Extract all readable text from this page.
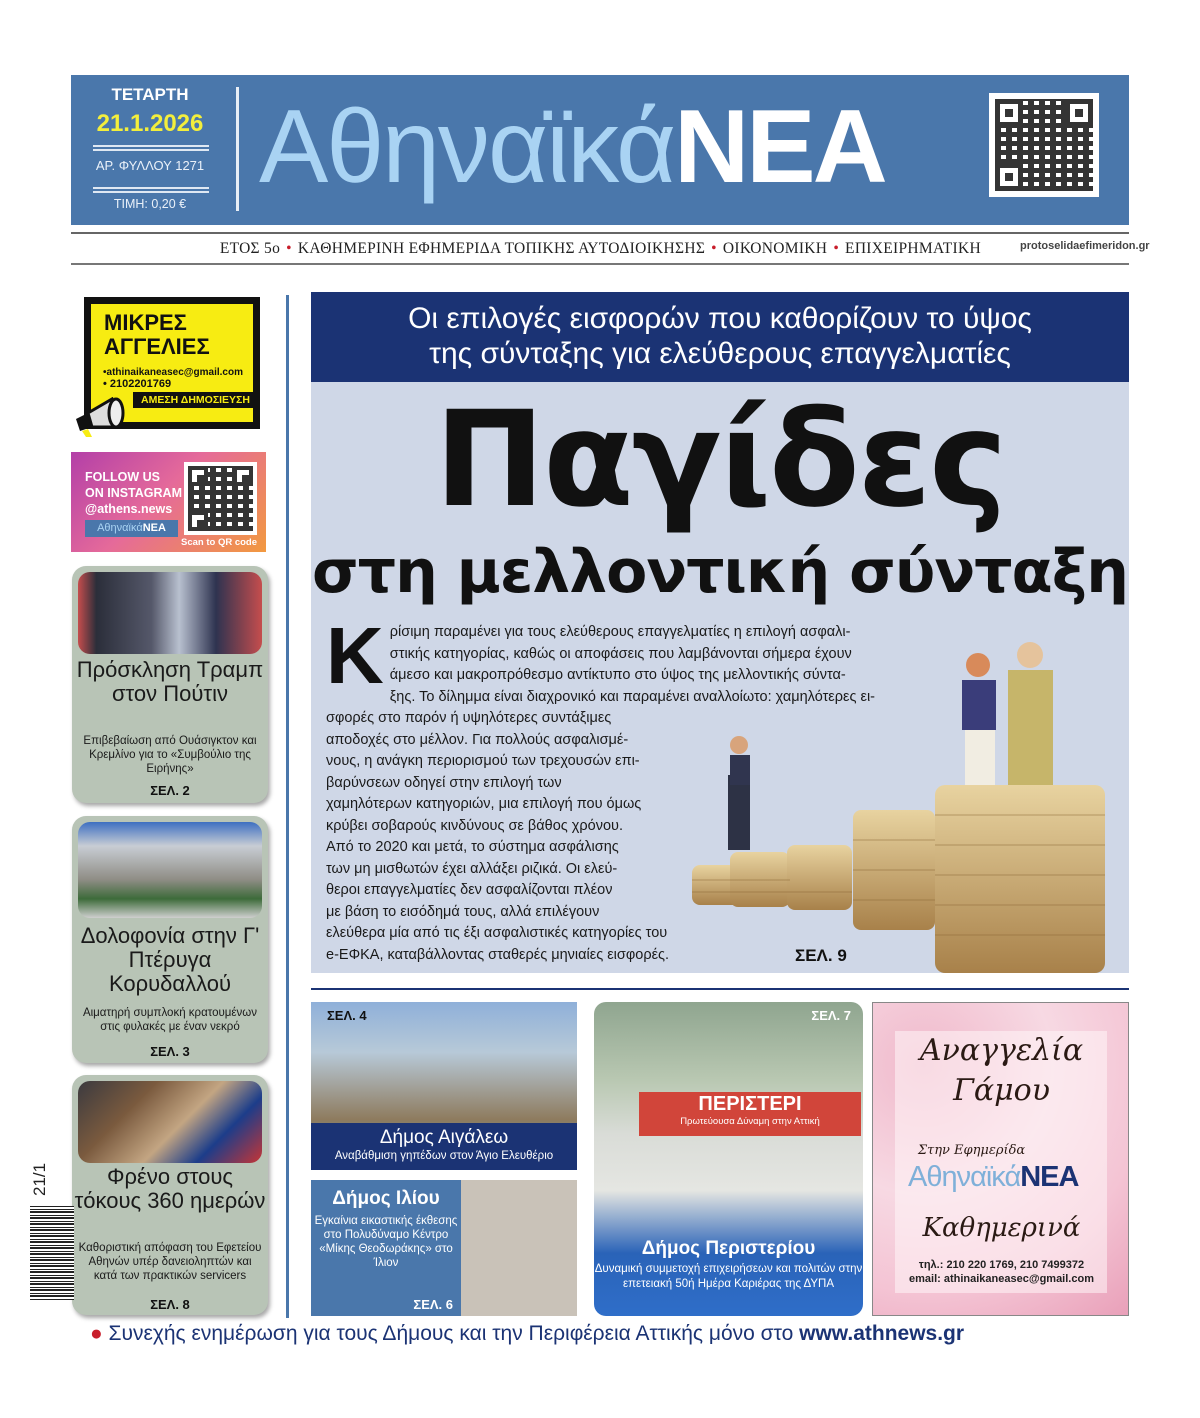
ΤΕΤΑΡΤΗ
21.1.2026
ΑΡ. ΦΥΛΛΟΥ 1271
ΤΙΜΗ: 0,20 € ΑθηναϊκάΝΕΑ
ΕΤΟΣ 5ο • ΚΑΘΗΜΕΡΙΝΗ ΕΦΗΜΕΡΙΔΑ ΤΟΠΙΚΗΣ ΑΥΤΟΔΙΟΙΚΗΣΗΣ • ΟΙΚΟΝΟΜΙΚΗ • ΕΠΙΧΕΙΡΗΜΑΤΙΚΗ	protoselidaefimeridon.gr
ΜΙΚΡΕΣ
ΑΓΓΕΛΙΕΣ
•athinaikaneasec@gmail.com
• 2102201769
ΑΜΕΣΗ ΔΗΜΟΣΙΕΥΣΗ
FOLLOW US
ON INSTAGRAM
@athens.news
ΑθηναϊκάΝΕΑ
Scan to QR code
Πρόσκληση Τραμπ στον Πούτιν
Επιβεβαίωση από Ουάσιγκτον και Κρεμλίνο για το «Συμβούλιο της Ειρήνης»
ΣΕΛ. 2
Δολοφονία στην Γ' Πτέρυγα Κορυδαλλού
Αιματηρή συμπλοκή κρατουμένων στις φυλακές με έναν νεκρό
ΣΕΛ. 3
Φρένο στους τόκους 360 ημερών
Καθοριστική απόφαση του Εφετείου Αθηνών υπέρ δανειοληπτών και κατά των πρακτικών servicers
ΣΕΛ. 8
21/1
Οι επιλογές εισφορών που καθορίζουν το ύψος
της σύνταξης για ελεύθερους επαγγελματίες
Παγίδες
στη μελλοντική σύνταξη
Κ ρίσιμη παραμένει για τους ελεύθερους επαγγελματίες η επιλογή ασφαλι-
στικής κατηγορίας, καθώς οι αποφάσεις που λαμβάνονται σήμερα έχουν
άμεσο και μακροπρόθεσμο αντίκτυπο στο ύψος της μελλοντικής σύντα-
ξης. Το δίλημμα είναι διαχρονικό και παραμένει αναλλοίωτο: χαμηλότερες ει-
σφορές στο παρόν ή υψηλότερες συντάξιμες
αποδοχές στο μέλλον. Για πολλούς ασφαλισμέ-
νους, η ανάγκη περιορισμού των τρεχουσών επι-
βαρύνσεων οδηγεί στην επιλογή των
χαμηλότερων κατηγοριών, μια επιλογή που όμως
κρύβει σοβαρούς κινδύνους σε βάθος χρόνου.
Από το 2020 και μετά, το σύστημα ασφάλισης
των μη μισθωτών έχει αλλάξει ριζικά. Οι ελεύ-
θεροι επαγγελματίες δεν ασφαλίζονται πλέον
με βάση το εισόδημά τους, αλλά επιλέγουν
ελεύθερα μία από τις έξι ασφαλιστικές κατηγορίες του
e-ΕΦΚΑ, καταβάλλοντας σταθερές μηνιαίες εισφορές.	ΣΕΛ. 9
ΣΕΛ. 4
Δήμος Αιγάλεω
Αναβάθμιση γηπέδων στον Άγιο Ελευθέριο
Δήμος Ιλίου
Εγκαίνια εικαστικής έκθεσης στο Πολυδύναμο Κέντρο «Μίκης Θεοδωράκης» στο Ίλιον
ΣΕΛ. 6
ΣΕΛ. 7
ΠΕΡΙΣΤΕΡΙ
Πρωτεύουσα Δύναμη στην Αττική
Δήμος Περιστερίου
Δυναμική συμμετοχή επιχειρήσεων και πολιτών στην επετειακή 50ή Ημέρα Καριέρας της ΔΥΠΑ
Αναγγελία
Γάμου
Στην Εφημερίδα
ΑθηναϊκάΝΕΑ
Καθημερινά
τηλ.: 210 220 1769, 210 7499372
email: athinaikaneasec@gmail.com
● Συνεχής ενημέρωση για τους Δήμους και την Περιφέρεια Αττικής μόνο στο www.athnews.gr
